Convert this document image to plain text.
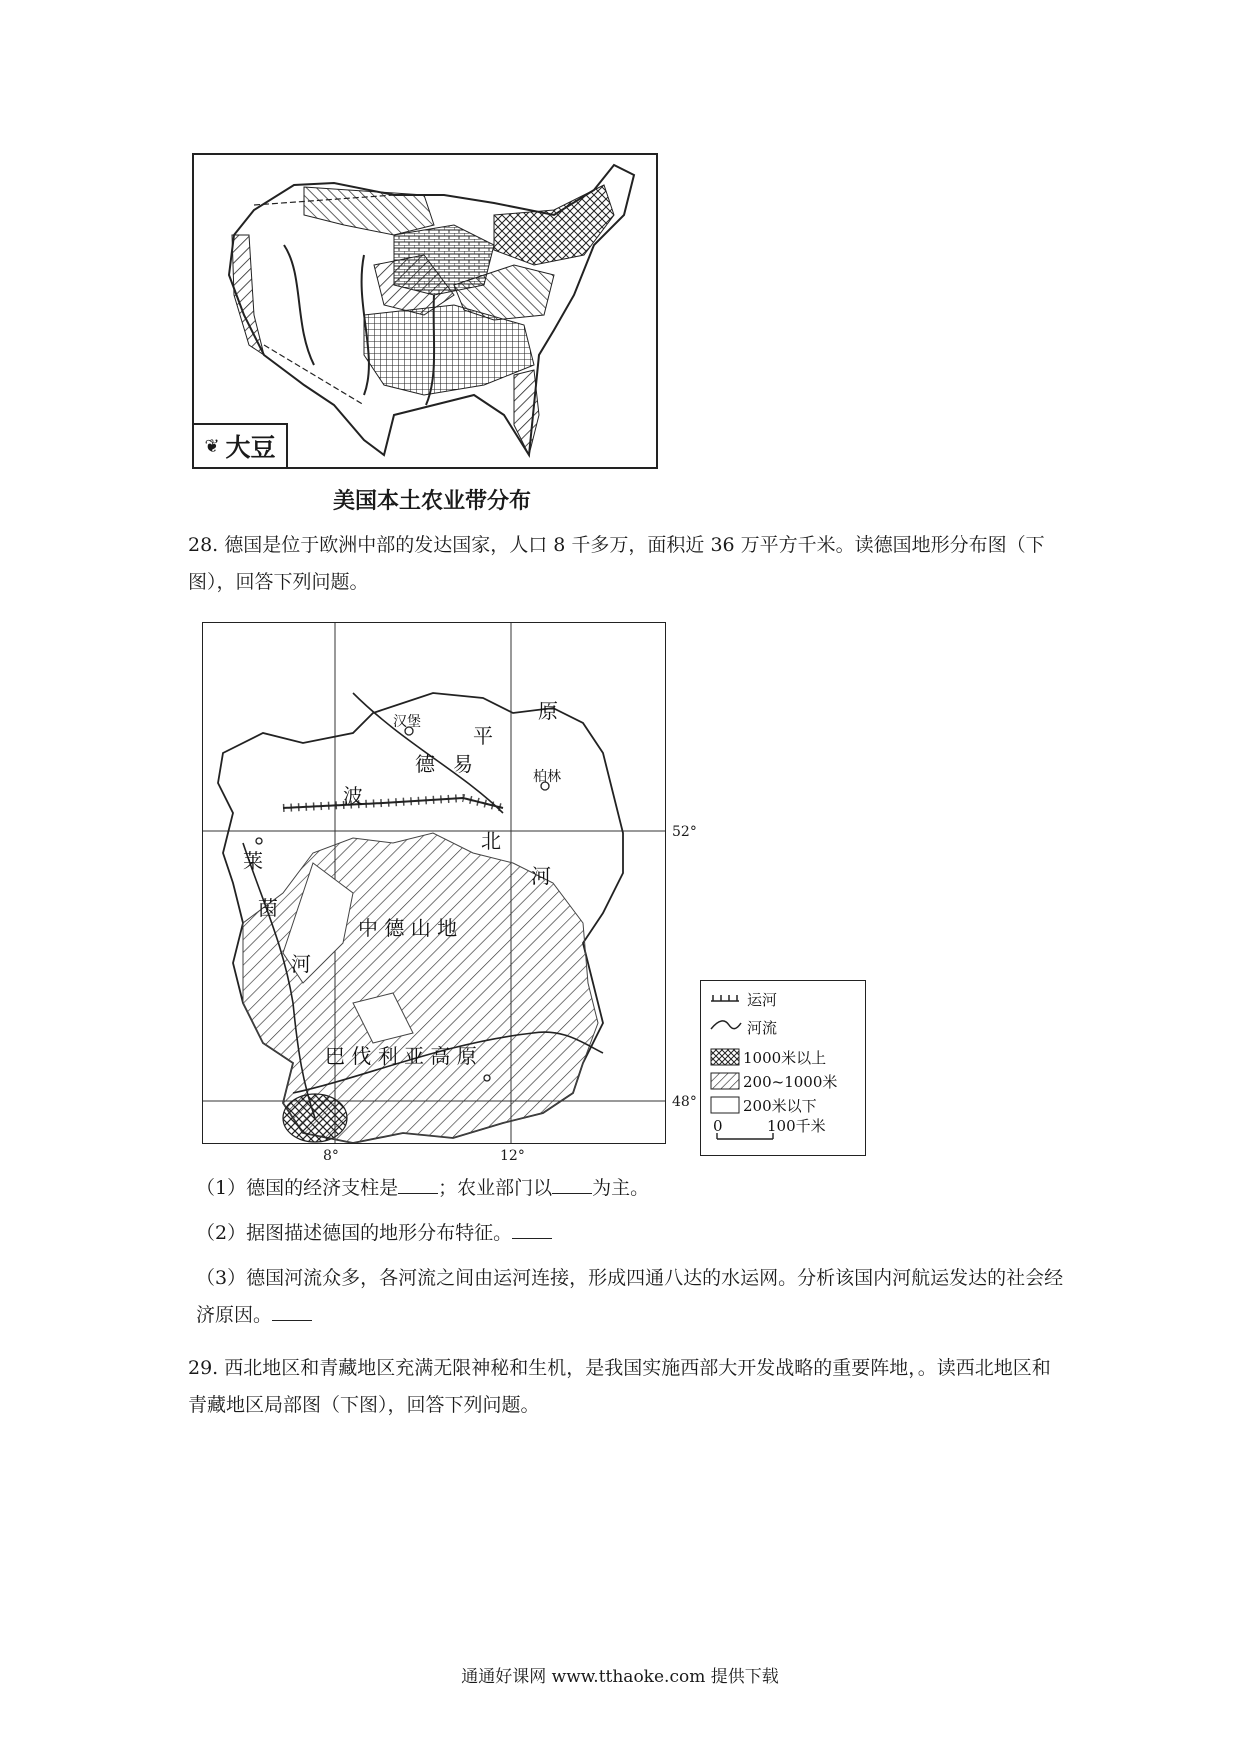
❦ 大豆
美国本土农业带分布
28. 德国是位于欧洲中部的发达国家，人口 8 千多万，面积近 36 万平方千米。读德国地形分布图（下图），回答下列问题。
汉堡
柏林
原
平
德 易
波
北
河
莱
茵
河
中 德 山 地
巴 伐 利 亚 高 原
52°
48°
8°	12°
运河
河流
1000米以上
200~1000米
200米以下
0	100千米
（1）德国的经济支柱是 ；农业部门以 为主。
（2）据图描述德国的地形分布特征。
（3）德国河流众多，各河流之间由运河连接，形成四通八达的水运网。分析该国内河航运发达的社会经济原因。
29. 西北地区和青藏地区充满无限神秘和生机，是我国实施西部大开发战略的重要阵地，。读西北地区和青藏地区局部图（下图），回答下列问题。
通通好课网 www.tthaoke.com 提供下载
